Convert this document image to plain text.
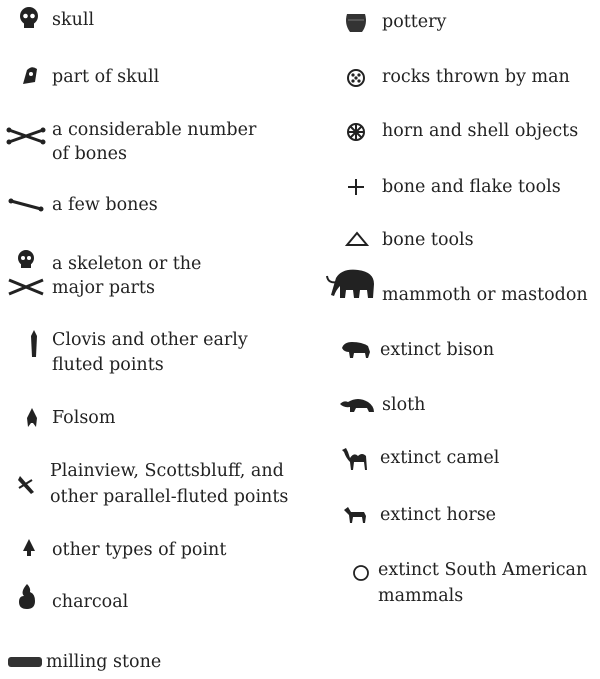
skull
part of skull
a considerable number
of bones
a few bones
a skeleton or the
major parts
Clovis and other early
fluted points
Folsom
Plainview, Scottsbluff, and
other parallel-fluted points
other types of point
charcoal
milling stone
pottery
rocks thrown by man
horn and shell objects
bone and flake tools
bone tools
mammoth or mastodon
extinct bison
sloth
extinct camel
extinct horse
extinct South American
mammals
